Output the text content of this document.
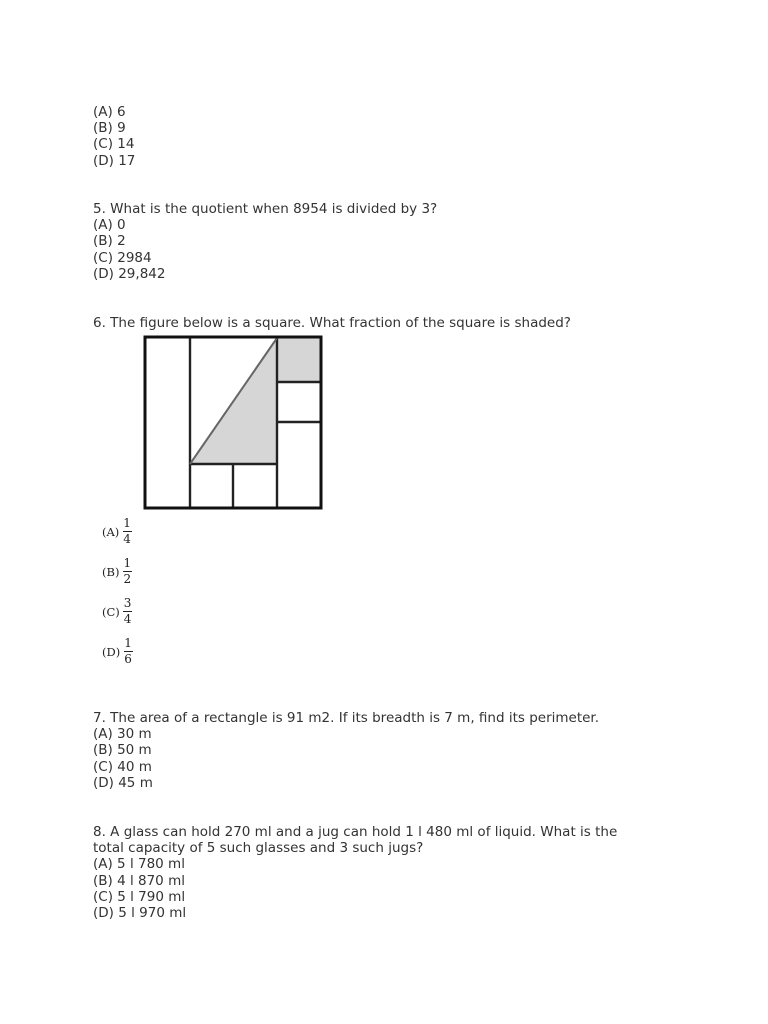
(A) 6
(B) 9
(C) 14
(D) 17
5. What is the quotient when 8954 is divided by 3?
(A) 0
(B) 2
(C) 2984
(D) 29,842
6. The figure below is a square. What fraction of the square is shaded?
$(A) \frac{1}{4}$
$(B) \frac{1}{2}$
$(C) \frac{3}{4}$
$(D) \frac{1}{6}$
7. The area of a rectangle is 91 m2. If its breadth is 7 m, find its perimeter.
(A) 30 m
(B) 50 m
(C) 40 m
(D) 45 m
8. A glass can hold 270 ml and a jug can hold 1 l 480 ml of liquid. What is the
total capacity of 5 such glasses and 3 such jugs?
(A) 5 l 780 ml
(B) 4 l 870 ml
(C) 5 l 790 ml
(D) 5 l 970 ml
